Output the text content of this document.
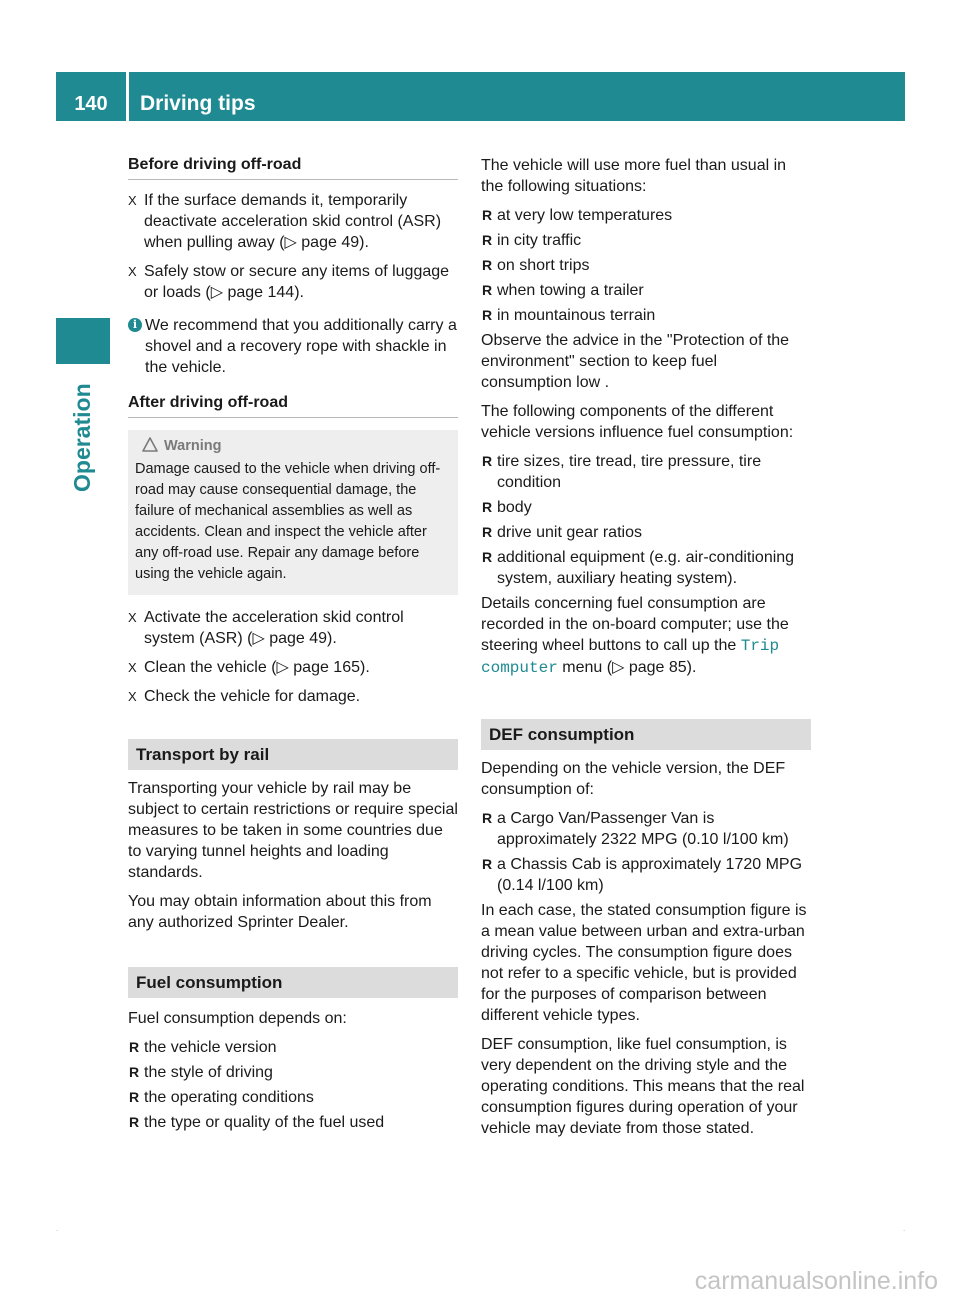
140	Driving tips
Operation
Before driving off-road
X If the surface demands it, temporarily deactivate acceleration skid control (ASR) when pulling away (▷ page 49).
X Safely stow or secure any items of luggage or loads (▷ page 144).
i We recommend that you additionally carry a shovel and a recovery rope with shackle in the vehicle.
After driving off-road
Warning
Damage caused to the vehicle when driving off-road may cause consequential damage, the failure of mechanical assemblies as well as accidents. Clean and inspect the vehicle after any off-road use. Repair any damage before using the vehicle again.
X Activate the acceleration skid control system (ASR) (▷ page 49).
X Clean the vehicle (▷ page 165).
X Check the vehicle for damage.
Transport by rail

Transporting your vehicle by rail may be subject to certain restrictions or require special measures to be taken in some countries due to varying tunnel heights and loading standards.

You may obtain information about this from any authorized Sprinter Dealer.

Fuel consumption

Fuel consumption depends on:

R the vehicle version
R the style of driving
R the operating conditions
R the type or quality of the fuel used

The vehicle will use more fuel than usual in the following situations:

R at very low temperatures
R in city traffic
R on short trips
R when towing a trailer
R in mountainous terrain

Observe the advice in the "Protection of the environment" section to keep fuel consumption low .

The following components of the different vehicle versions influence fuel consumption:

R tire sizes, tire tread, tire pressure, tire condition
R body
R drive unit gear ratios
R additional equipment (e.g. air-conditioning system, auxiliary heating system).

Details concerning fuel consumption are recorded in the on-board computer; use the steering wheel buttons to call up the Trip computer menu (▷ page 85).

DEF consumption

Depending on the vehicle version, the DEF consumption of:

R a Cargo Van/Passenger Van is approximately 2322 MPG (0.10 l/100 km)
R a Chassis Cab is approximately 1720 MPG (0.14 l/100 km)

In each case, the stated consumption figure is a mean value between urban and extra-urban driving cycles. The consumption figure does not refer to a specific vehicle, but is provided for the purposes of comparison between different vehicle types.

DEF consumption, like fuel consumption, is very dependent on the driving style and the operating conditions. This means that the real consumption figures during operation of your vehicle may deviate from those stated.

.	.
carmanualsonline.info
